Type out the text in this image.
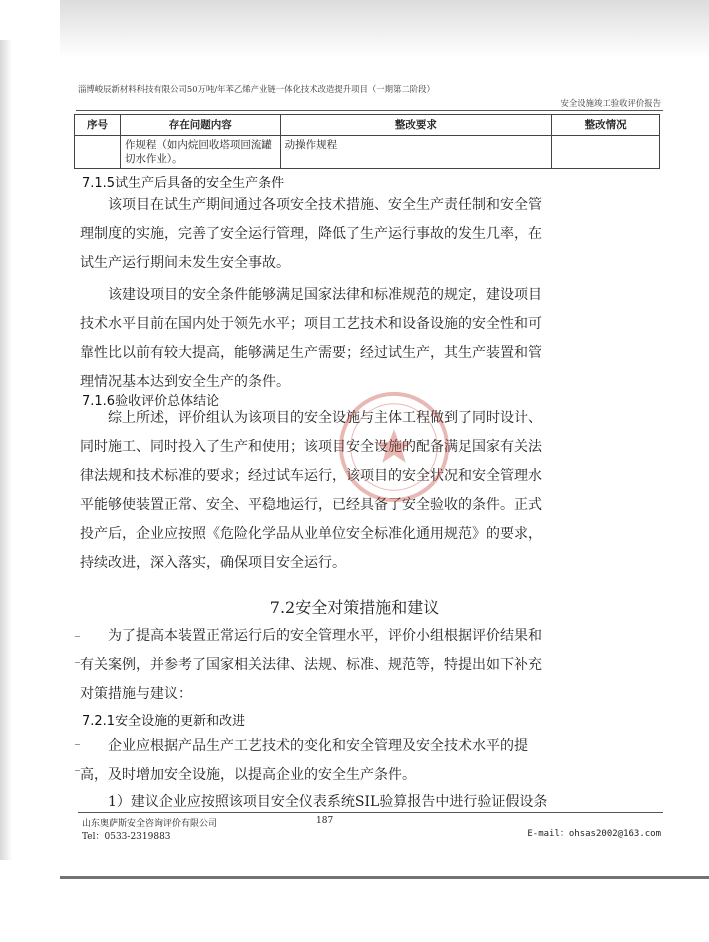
淄博峻辰新材料科技有限公司50万吨/年苯乙烯产业链一体化技术改造提升项目（一期第二阶段）
安全设施竣工验收评价报告
序号	存在问题内容	整改要求	整改情况
	作规程（如内烷回收塔项回流罐切水作业）。	动操作规程	
7.1.5试生产后具备的安全生产条件
该项目在试生产期间通过各项安全技术措施、安全生产责任制和安全管
理制度的实施，完善了安全运行管理，降低了生产运行事故的发生几率，在
试生产运行期间未发生安全事故。
该建设项目的安全条件能够满足国家法律和标准规范的规定，建设项目
技术水平目前在国内处于领先水平；项目工艺技术和设备设施的安全性和可
靠性比以前有较大提高，能够满足生产需要；经过试生产，其生产装置和管
理情况基本达到安全生产的条件。
7.1.6验收评价总体结论
综上所述，评价组认为该项目的安全设施与主体工程做到了同时设计、
同时施工、同时投入了生产和使用；该项目安全设施的配备满足国家有关法
律法规和技术标准的要求；经过试车运行，该项目的安全状况和安全管理水
平能够使装置正常、安全、平稳地运行，已经具备了安全验收的条件。正式
投产后，企业应按照《危险化学品从业单位安全标准化通用规范》的要求，
持续改进，深入落实，确保项目安全运行。
7.2安全对策措施和建议
为了提高本装置正常运行后的安全管理水平，评价小组根据评价结果和
有关案例，并参考了国家相关法律、法规、标准、规范等，特提出如下补充
对策措施与建议：
7.2.1安全设施的更新和改进
企业应根据产品生产工艺技术的变化和安全管理及安全技术水平的提
高，及时增加安全设施，以提高企业的安全生产条件。
1）建议企业应按照该项目安全仪表系统SIL验算报告中进行验证假设条
山东奥萨斯安全咨询评价有限公司	187
Tel：0533-2319883	E-mail：ohsas2002@163.com
